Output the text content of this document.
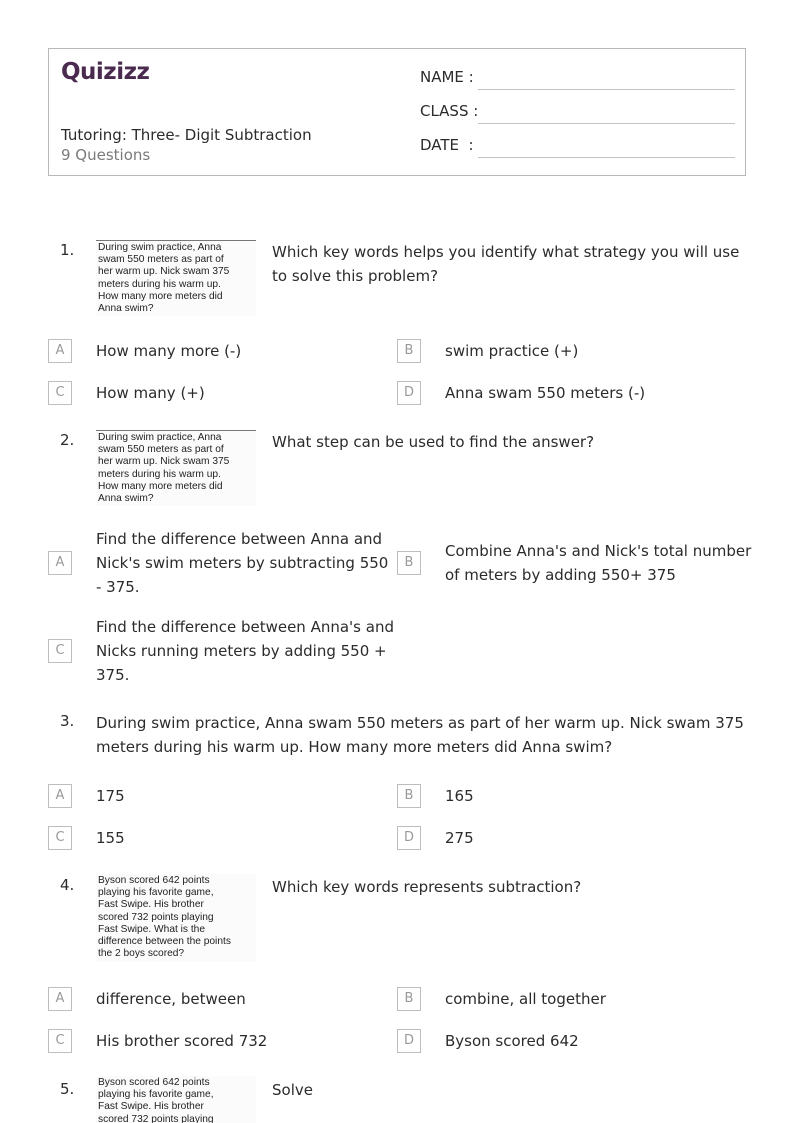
Quizizz
Tutoring: Three- Digit Subtraction
9 Questions
NAME :
CLASS :
DATE  :
1. During swim practice, Anna
swam 550 meters as part of
her warm up. Nick swam 375
meters during his warm up.
How many more meters did
Anna swim?
Which key words helps you identify what strategy you will use to solve this problem?
A	How many more (-)	B	swim practice (+)
C	How many (+)	D	Anna swam 550 meters (-)
2. During swim practice, Anna
swam 550 meters as part of
her warm up. Nick swam 375
meters during his warm up.
How many more meters did
Anna swim?
What step can be used to find the answer?
A
Find the difference between Anna and Nick's swim meters by subtracting 550 - 375.
B
Combine Anna's and Nick's total number of meters by adding 550+ 375
C
Find the difference between Anna's and Nicks running meters by adding 550 + 375.
3. During swim practice, Anna swam 550 meters as part of her warm up. Nick swam 375 meters during his warm up. How many more meters did Anna swim?
A	175	B	165
C	155	D	275
4. Byson scored 642 points
playing his favorite game,
Fast Swipe. His brother
scored 732 points playing
Fast Swipe. What is the
difference between the points
the 2 boys scored?
Which key words represents subtraction?
A	difference, between	B	combine, all together
C	His brother scored 732	D	Byson scored 642
5. Byson scored 642 points
playing his favorite game,
Fast Swipe. His brother
scored 732 points playing
Solve
